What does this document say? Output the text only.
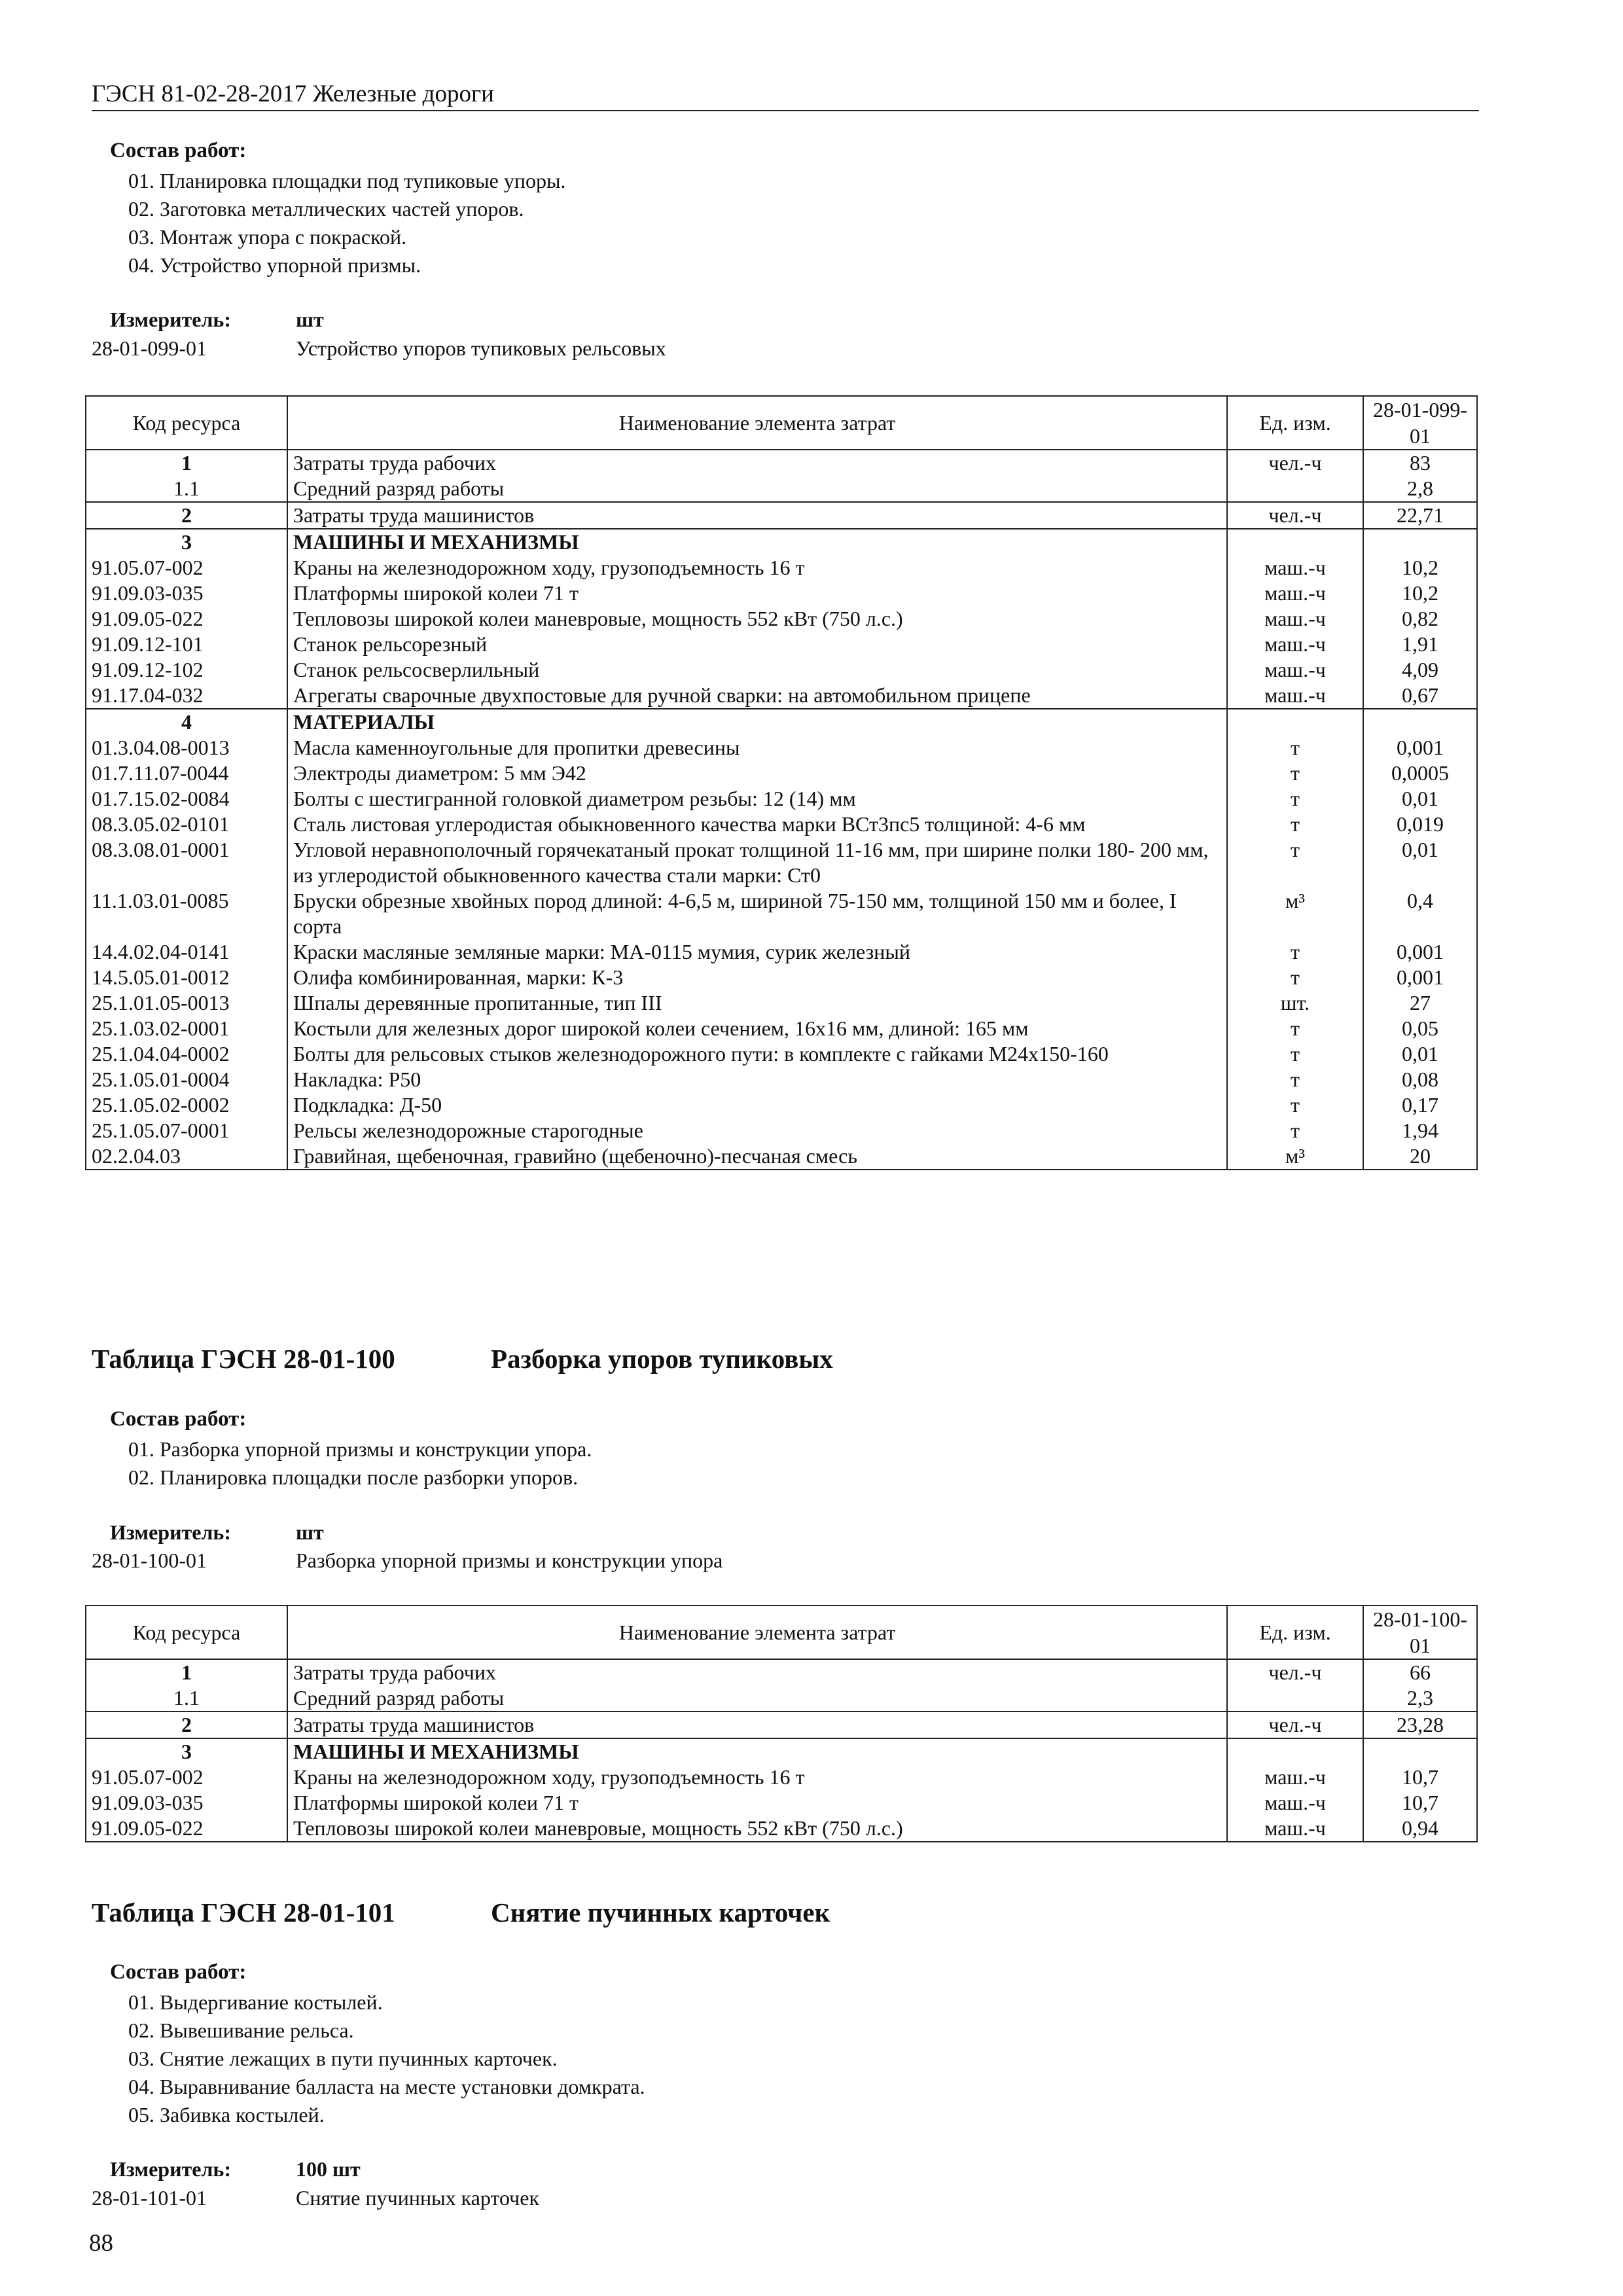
ГЭСН 81-02-28-2017 Железные дороги
Состав работ:
01. Планировка площадки под тупиковые упоры.
02. Заготовка металлических частей упоров.
03. Монтаж упора с покраской.
04. Устройство упорной призмы.
Измеритель:	шт
28-01-099-01	Устройство упоров тупиковых рельсовых
Код ресурса	Наименование элемента затрат	Ед. изм.	28-01-099-01
1	Затраты труда рабочих	чел.-ч	83
1.1	Средний разряд работы		2,8
2	Затраты труда машинистов	чел.-ч	22,71
3	МАШИНЫ И МЕХАНИЗМЫ		
91.05.07-002	Краны на железнодорожном ходу, грузоподъемность 16 т	маш.-ч	10,2
91.09.03-035	Платформы широкой колеи 71 т	маш.-ч	10,2
91.09.05-022	Тепловозы широкой колеи маневровые, мощность 552 кВт (750 л.с.)	маш.-ч	0,82
91.09.12-101	Станок рельсорезный	маш.-ч	1,91
91.09.12-102	Станок рельсосверлильный	маш.-ч	4,09
91.17.04-032	Агрегаты сварочные двухпостовые для ручной сварки: на автомобильном прицепе	маш.-ч	0,67
4	МАТЕРИАЛЫ		
01.3.04.08-0013	Масла каменноугольные для пропитки древесины	т	0,001
01.7.11.07-0044	Электроды диаметром: 5 мм Э42	т	0,0005
01.7.15.02-0084	Болты с шестигранной головкой диаметром резьбы: 12 (14) мм	т	0,01
08.3.05.02-0101	Сталь листовая углеродистая обыкновенного качества марки ВСт3пс5 толщиной: 4-6 мм	т	0,019
08.3.08.01-0001	Угловой неравнополочный горячекатаный прокат толщиной 11-16 мм, при ширине полки 180- 200 мм, из углеродистой обыкновенного качества стали марки: Ст0	т	0,01
11.1.03.01-0085	Бруски обрезные хвойных пород длиной: 4-6,5 м, шириной 75-150 мм, толщиной 150 мм и более, I сорта	м³	0,4
14.4.02.04-0141	Краски масляные земляные марки: МА-0115 мумия, сурик железный	т	0,001
14.5.05.01-0012	Олифа комбинированная, марки: К-3	т	0,001
25.1.01.05-0013	Шпалы деревянные пропитанные, тип III	шт.	27
25.1.03.02-0001	Костыли для железных дорог широкой колеи сечением, 16х16 мм, длиной: 165 мм	т	0,05
25.1.04.04-0002	Болты для рельсовых стыков железнодорожного пути: в комплекте с гайками М24х150-160	т	0,01
25.1.05.01-0004	Накладка: Р50	т	0,08
25.1.05.02-0002	Подкладка: Д-50	т	0,17
25.1.05.07-0001	Рельсы железнодорожные старогодные	т	1,94
02.2.04.03	Гравийная, щебеночная, гравийно (щебеночно)-песчаная смесь	м³	20
Таблица ГЭСН 28-01-100	Разборка упоров тупиковых
Состав работ:
01. Разборка упорной призмы и конструкции упора.
02. Планировка площадки после разборки упоров.
Измеритель:	шт
28-01-100-01	Разборка упорной призмы и конструкции упора
Код ресурса	Наименование элемента затрат	Ед. изм.	28-01-100-01
1	Затраты труда рабочих	чел.-ч	66
1.1	Средний разряд работы		2,3
2	Затраты труда машинистов	чел.-ч	23,28
3	МАШИНЫ И МЕХАНИЗМЫ		
91.05.07-002	Краны на железнодорожном ходу, грузоподъемность 16 т	маш.-ч	10,7
91.09.03-035	Платформы широкой колеи 71 т	маш.-ч	10,7
91.09.05-022	Тепловозы широкой колеи маневровые, мощность 552 кВт (750 л.с.)	маш.-ч	0,94
Таблица ГЭСН 28-01-101	Снятие пучинных карточек
Состав работ:
01. Выдергивание костылей.
02. Вывешивание рельса.
03. Снятие лежащих в пути пучинных карточек.
04. Выравнивание балласта на месте установки домкрата.
05. Забивка костылей.
Измеритель:	100 шт
28-01-101-01	Снятие пучинных карточек
88
